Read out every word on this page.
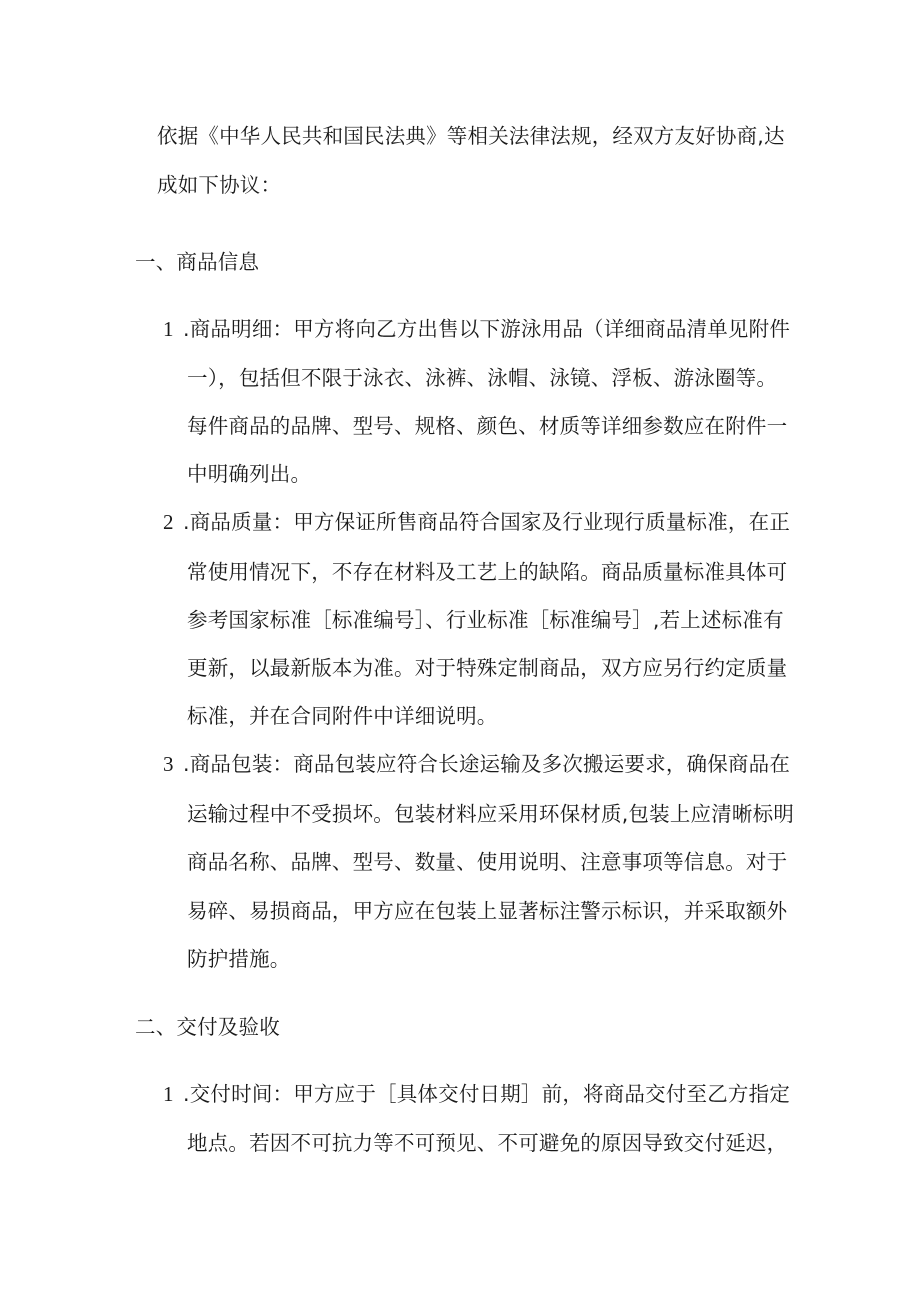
依据《中华人民共和国民法典》等相关法律法规，经双方友好协商,达
成如下协议：
一、商品信息
1 .商品明细：甲方将向乙方出售以下游泳用品（详细商品清单见附件
一），包括但不限于泳衣、泳裤、泳帽、泳镜、浮板、游泳圈等。
每件商品的品牌、型号、规格、颜色、材质等详细参数应在附件一
中明确列出。
2 .商品质量：甲方保证所售商品符合国家及行业现行质量标准，在正
常使用情况下，不存在材料及工艺上的缺陷。商品质量标准具体可
参考国家标准［标准编号］、行业标准［标准编号］,若上述标准有
更新，以最新版本为准。对于特殊定制商品，双方应另行约定质量
标准，并在合同附件中详细说明。
3 .商品包装：商品包装应符合长途运输及多次搬运要求，确保商品在
运输过程中不受损坏。包装材料应采用环保材质,包装上应清晰标明
商品名称、品牌、型号、数量、使用说明、注意事项等信息。对于
易碎、易损商品，甲方应在包装上显著标注警示标识，并采取额外
防护措施。
二、交付及验收
1 .交付时间：甲方应于［具体交付日期］前，将商品交付至乙方指定
地点。若因不可抗力等不可预见、不可避免的原因导致交付延迟，
